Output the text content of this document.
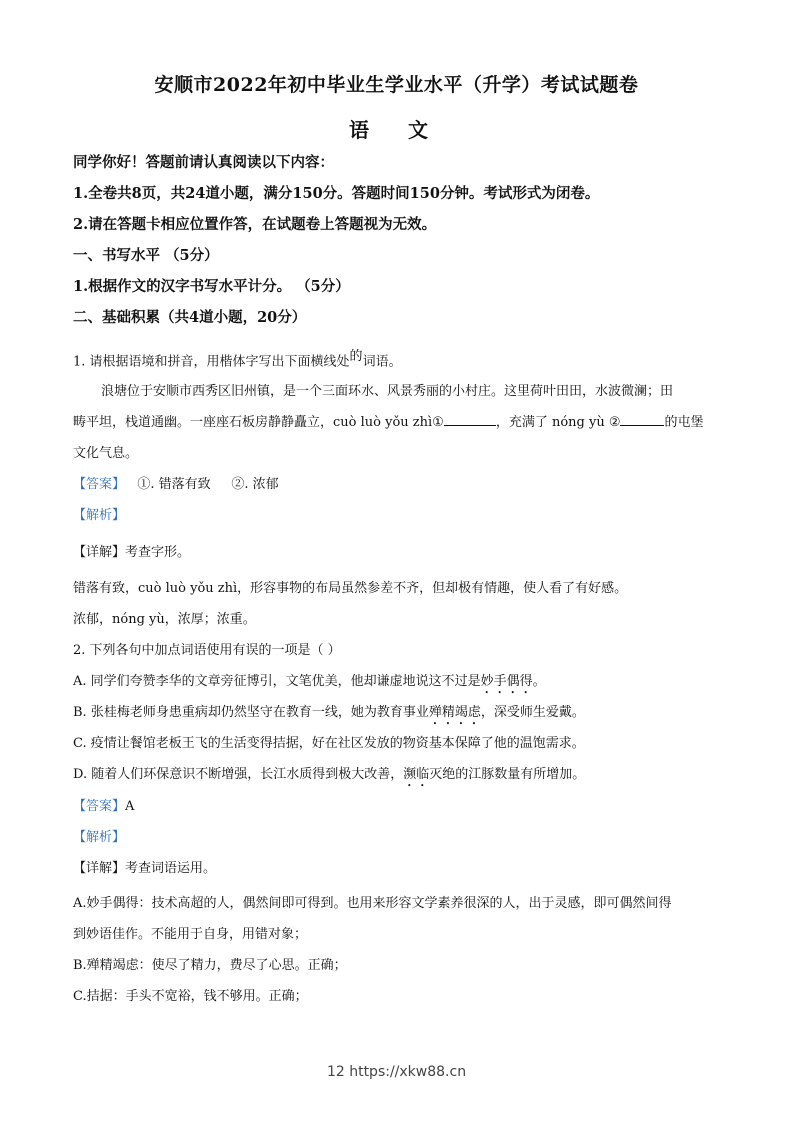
安顺市2022年初中毕业生学业水平（升学）考试试题卷
语 文
同学你好！答题前请认真阅读以下内容：
1.全卷共8页，共24道小题，满分150分。答题时间150分钟。考试形式为闭卷。
2.请在答题卡相应位置作答，在试题卷上答题视为无效。
一、书写水平 （5分）
1.根据作文的汉字书写水平计分。 （5分）
二、基础积累（共4道小题，20分）
1. 请根据语境和拼音，用楷体字写出下面横线处$^的$词语。
浪塘位于安顺市西秀区旧州镇，是一个三面环水、风景秀丽的小村庄。这里荷叶田田，水波微澜；田
畴平坦，栈道通幽。一座座石板房静静矗立，cuò luò yǒu zhì①	，充满了 nóng yù ②	的屯堡
文化气息。
【答案】   ①. 错落有致     ②. 浓郁
【解析】
【详解】考查字形。
错落有致，cuò luò yǒu zhì，形容事物的布局虽然参差不齐，但却极有情趣，使人看了有好感。
浓郁，nóng yù，浓厚；浓重。
2. 下列各句中加点词语使用有误的一项是（ ）
A. 同学们夸赞李华的文章旁征博引，文笔优美，他却谦虚地说这不过是妙手偶得。
B. 张桂梅老师身患重病却仍然坚守在教育一线，她为教育事业殚精竭虑，深受师生爱戴。
C. 疫情让餐馆老板王飞的生活变得拮据，好在社区发放的物资基本保障了他的温饱需求。
D. 随着人们环保意识不断增强，长江水质得到极大改善，濒临灭绝的江豚数量有所增加。
【答案】A
【解析】
【详解】考查词语运用。
A.妙手偶得：技术高超的人，偶然间即可得到。也用来形容文学素养很深的人，出于灵感，即可偶然间得
到妙语佳作。不能用于自身，用错对象；
B.殚精竭虑：使尽了精力，费尽了心思。正确；
C.拮据：手头不宽裕，钱不够用。正确；
12 https://xkw88.cn
